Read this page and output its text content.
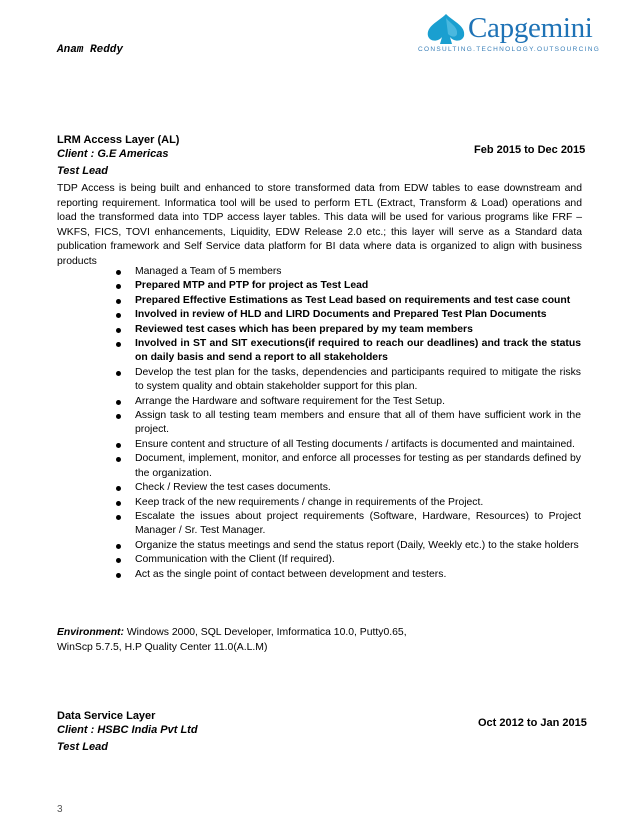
Anam Reddy
Capgemini
CONSULTING.TECHNOLOGY.OUTSOURCING
LRM Access Layer (AL)
Client : G.E Americas	Feb 2015 to Dec 2015
Test Lead
TDP Access is being built and enhanced to store transformed data from EDW tables to ease downstream and reporting requirement. Informatica tool will be used to perform ETL (Extract, Transform & Load) operations and load the transformed data into TDP access layer tables. This data will be used for various programs like FRF – WKFS, FICS, TOVI enhancements, Liquidity, EDW Release 2.0 etc.; this layer will serve as a Standard data publication framework and Self Service data platform for BI data where data is organized to align with business products
Managed a Team of 5 members
Prepared MTP and PTP for project as Test Lead
Prepared Effective Estimations as Test Lead based on requirements and test case count
Involved in review of HLD and LIRD Documents and Prepared Test Plan Documents
Reviewed test cases which has been prepared by my team members
Involved in ST and SIT executions(if required to reach our deadlines) and track the status on daily basis and send a report to all stakeholders
Develop the test plan for the tasks, dependencies and participants required to mitigate the risks to system quality and obtain stakeholder support for this plan.
Arrange the Hardware and software requirement for the Test Setup.
Assign task to all testing team members and ensure that all of them have sufficient work in the project.
Ensure content and structure of all Testing documents / artifacts is documented and maintained.
Document, implement, monitor, and enforce all processes for testing as per standards defined by the organization.
Check / Review the test cases documents.
Keep track of the new requirements / change in requirements of the Project.
Escalate the issues about project requirements (Software, Hardware, Resources) to Project Manager / Sr. Test Manager.
Organize the status meetings and send the status report (Daily, Weekly etc.) to the stake holders
Communication with the Client (If required).
Act as the single point of contact between development and testers.
Environment: Windows 2000, SQL Developer, Imformatica 10.0, Putty0.65,
WinScp 5.7.5, H.P Quality Center 11.0(A.L.M)
Data Service Layer
Client : HSBC India Pvt Ltd
Oct 2012 to Jan 2015
Test Lead
3
